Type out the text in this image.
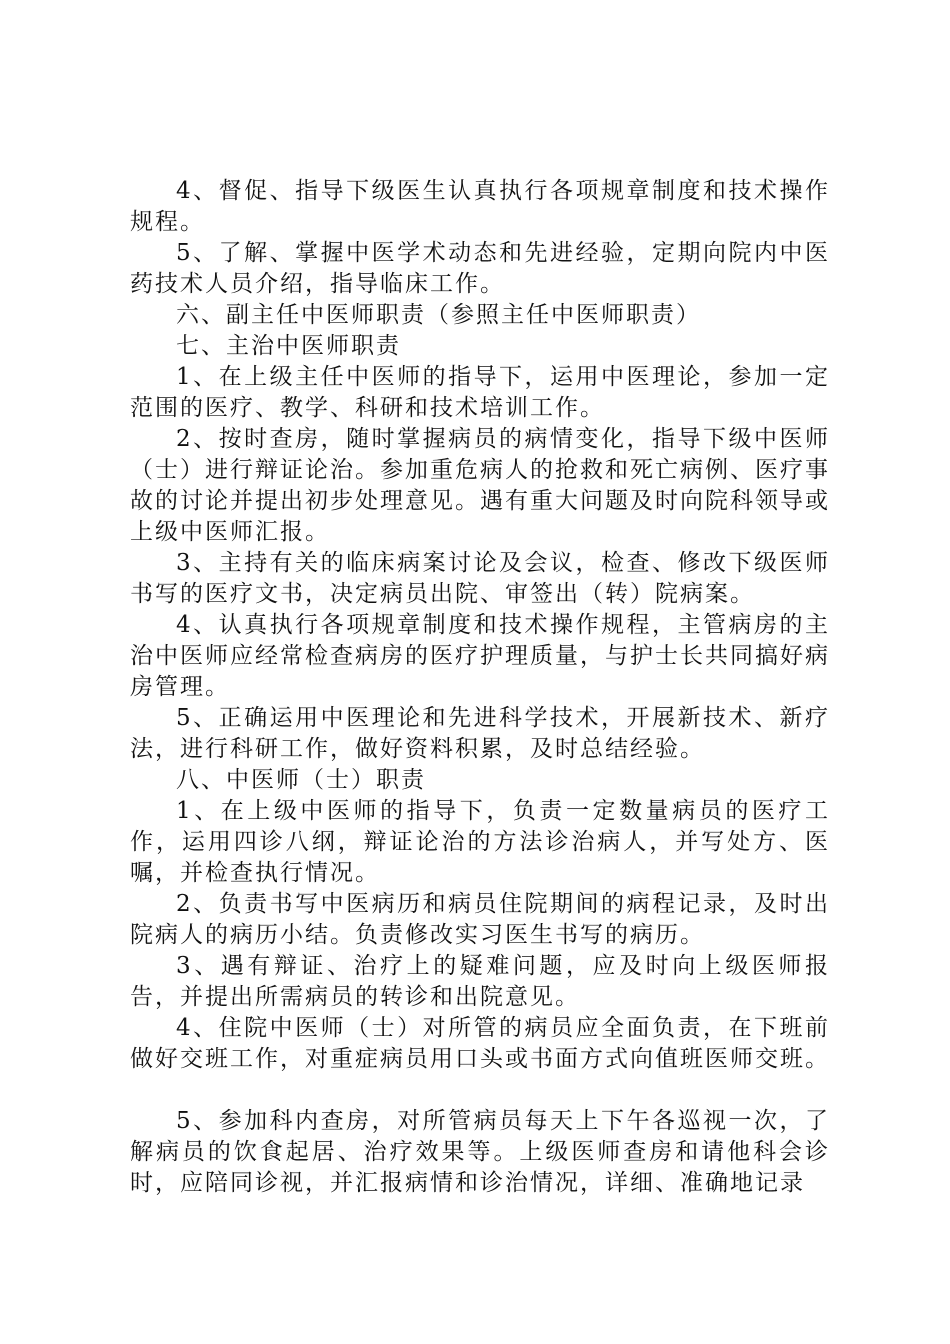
4、督促、指导下级医生认真执行各项规章制度和技术操作规程。

5、了解、掌握中医学术动态和先进经验，定期向院内中医药技术人员介绍，指导临床工作。

六、副主任中医师职责（参照主任中医师职责）

七、主治中医师职责

1、在上级主任中医师的指导下，运用中医理论，参加一定范围的医疗、教学、科研和技术培训工作。

2、按时查房，随时掌握病员的病情变化，指导下级中医师（士）进行辩证论治。参加重危病人的抢救和死亡病例、医疗事故的讨论并提出初步处理意见。遇有重大问题及时向院科领导或上级中医师汇报。

3、主持有关的临床病案讨论及会议，检查、修改下级医师书写的医疗文书，决定病员出院、审签出（转）院病案。

4、认真执行各项规章制度和技术操作规程，主管病房的主治中医师应经常检查病房的医疗护理质量，与护士长共同搞好病房管理。

5、正确运用中医理论和先进科学技术，开展新技术、新疗法，进行科研工作，做好资料积累，及时总结经验。

八、中医师（士）职责

1、在上级中医师的指导下，负责一定数量病员的医疗工作，运用四诊八纲，辩证论治的方法诊治病人，并写处方、医嘱，并检查执行情况。

2、负责书写中医病历和病员住院期间的病程记录，及时出院病人的病历小结。负责修改实习医生书写的病历。

3、遇有辩证、治疗上的疑难问题，应及时向上级医师报告，并提出所需病员的转诊和出院意见。

4、住院中医师（士）对所管的病员应全面负责，在下班前做好交班工作，对重症病员用口头或书面方式向值班医师交班。

5、参加科内查房，对所管病员每天上下午各巡视一次，了解病员的饮食起居、治疗效果等。上级医师查房和请他科会诊时，应陪同诊视，并汇报病情和诊治情况，详细、准确地记录
